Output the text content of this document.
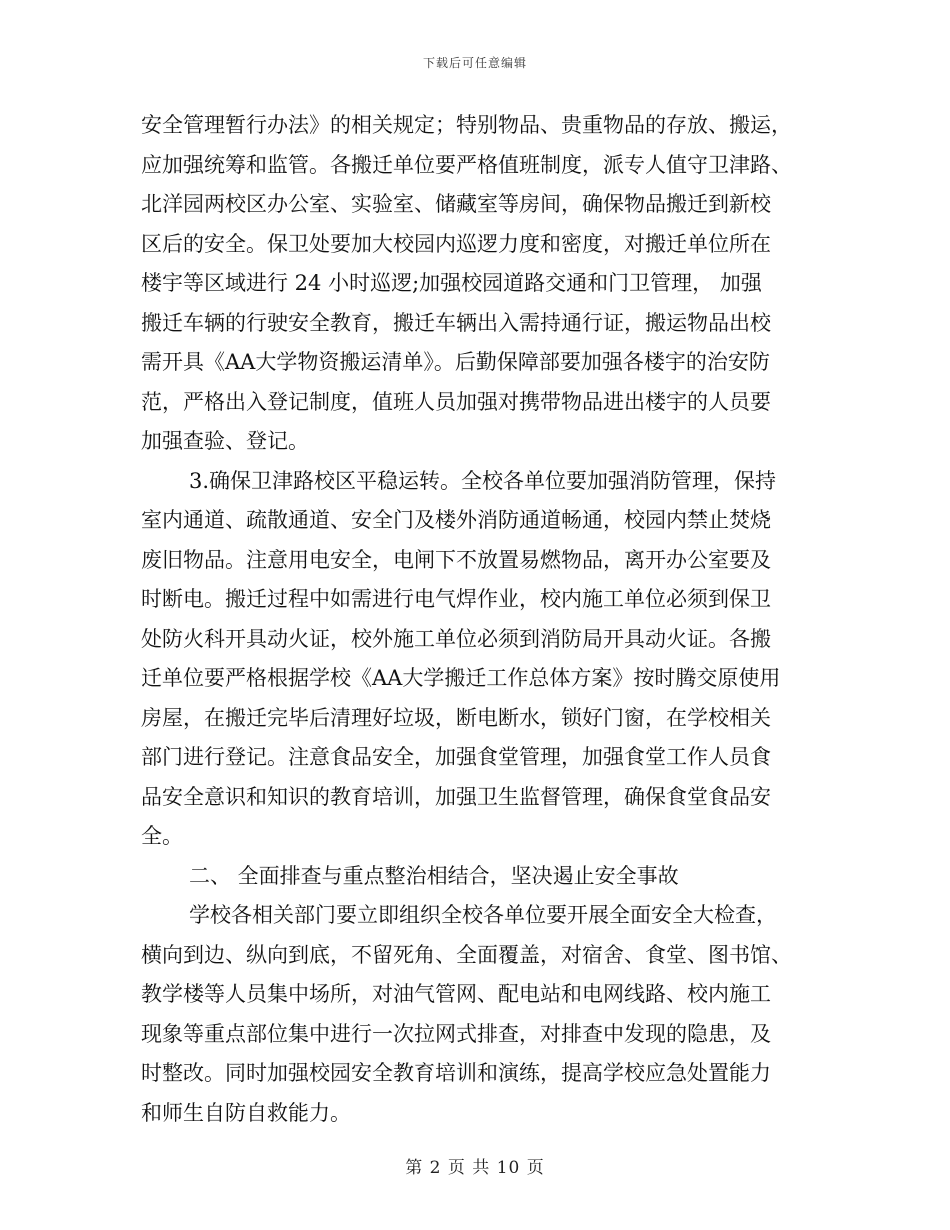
下载后可任意编辑
安全管理暂行办法》的相关规定；特别物品、贵重物品的存放、搬运，
应加强统筹和监管。各搬迁单位要严格值班制度，派专人值守卫津路、
北洋园两校区办公室、实验室、储藏室等房间，确保物品搬迁到新校
区后的安全。保卫处要加大校园内巡逻力度和密度，对搬迁单位所在
楼宇等区域进行 24 小时巡逻;加强校园道路交通和门卫管理， 加强
搬迁车辆的行驶安全教育，搬迁车辆出入需持通行证，搬运物品出校
需开具《AA大学物资搬运清单》。后勤保障部要加强各楼宇的治安防
范，严格出入登记制度，值班人员加强对携带物品进出楼宇的人员要
加强查验、登记。
3.确保卫津路校区平稳运转。全校各单位要加强消防管理，保持
室内通道、疏散通道、安全门及楼外消防通道畅通，校园内禁止焚烧
废旧物品。注意用电安全，电闸下不放置易燃物品，离开办公室要及
时断电。搬迁过程中如需进行电气焊作业，校内施工单位必须到保卫
处防火科开具动火证，校外施工单位必须到消防局开具动火证。各搬
迁单位要严格根据学校《AA大学搬迁工作总体方案》按时腾交原使用
房屋，在搬迁完毕后清理好垃圾，断电断水，锁好门窗，在学校相关
部门进行登记。注意食品安全，加强食堂管理，加强食堂工作人员食
品安全意识和知识的教育培训，加强卫生监督管理，确保食堂食品安
全。
二、 全面排查与重点整治相结合，坚决遏止安全事故
学校各相关部门要立即组织全校各单位要开展全面安全大检查，
横向到边、纵向到底，不留死角、全面覆盖，对宿舍、食堂、图书馆、
教学楼等人员集中场所，对油气管网、配电站和电网线路、校内施工
现象等重点部位集中进行一次拉网式排查，对排查中发现的隐患，及
时整改。同时加强校园安全教育培训和演练，提高学校应急处置能力
和师生自防自救能力。
第 2 页 共 10 页
